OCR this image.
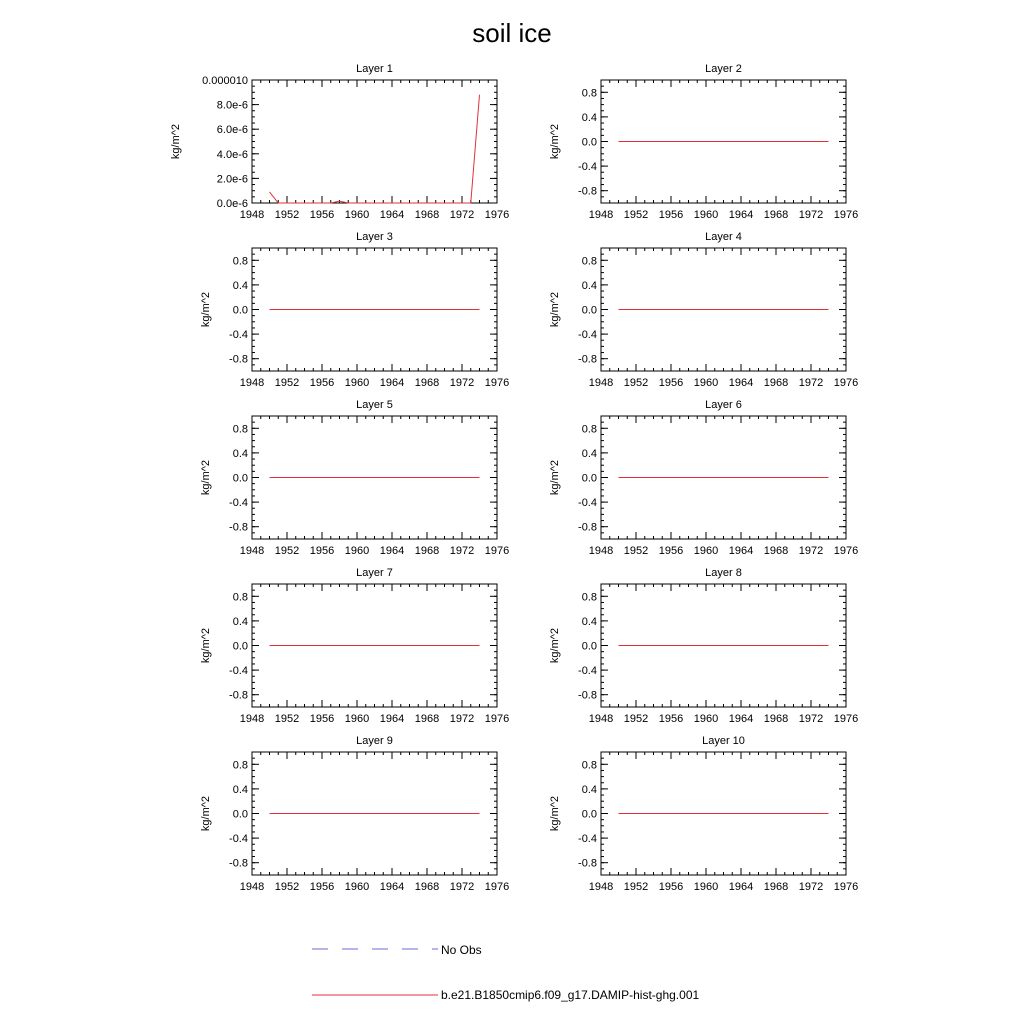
soil ice
Layer 1
1948 1952 1956 1960 1964 1968 1972 1976
0.0e-6
2.0e-6
4.0e-6
6.0e-6
8.0e-6
0.000010
kg/m^2
Layer 2
1948 1952 1956 1960 1964 1968 1972 1976
-0.8
-0.4
0.0
0.4
0.8
kg/m^2
Layer 3
1948 1952 1956 1960 1964 1968 1972 1976
-0.8
-0.4
0.0
0.4
0.8
kg/m^2
Layer 4
1948 1952 1956 1960 1964 1968 1972 1976
-0.8
-0.4
0.0
0.4
0.8
kg/m^2
Layer 5
1948 1952 1956 1960 1964 1968 1972 1976
-0.8
-0.4
0.0
0.4
0.8
kg/m^2
Layer 6
1948 1952 1956 1960 1964 1968 1972 1976
-0.8
-0.4
0.0
0.4
0.8
kg/m^2
Layer 7
1948 1952 1956 1960 1964 1968 1972 1976
-0.8
-0.4
0.0
0.4
0.8
kg/m^2
Layer 8
1948 1952 1956 1960 1964 1968 1972 1976
-0.8
-0.4
0.0
0.4
0.8
kg/m^2
Layer 9
1948 1952 1956 1960 1964 1968 1972 1976
-0.8
-0.4
0.0
0.4
0.8
kg/m^2
Layer 10
1948 1952 1956 1960 1964 1968 1972 1976
-0.8
-0.4
0.0
0.4
0.8
kg/m^2
No Obs
b.e21.B1850cmip6.f09_g17.DAMIP-hist-ghg.001
